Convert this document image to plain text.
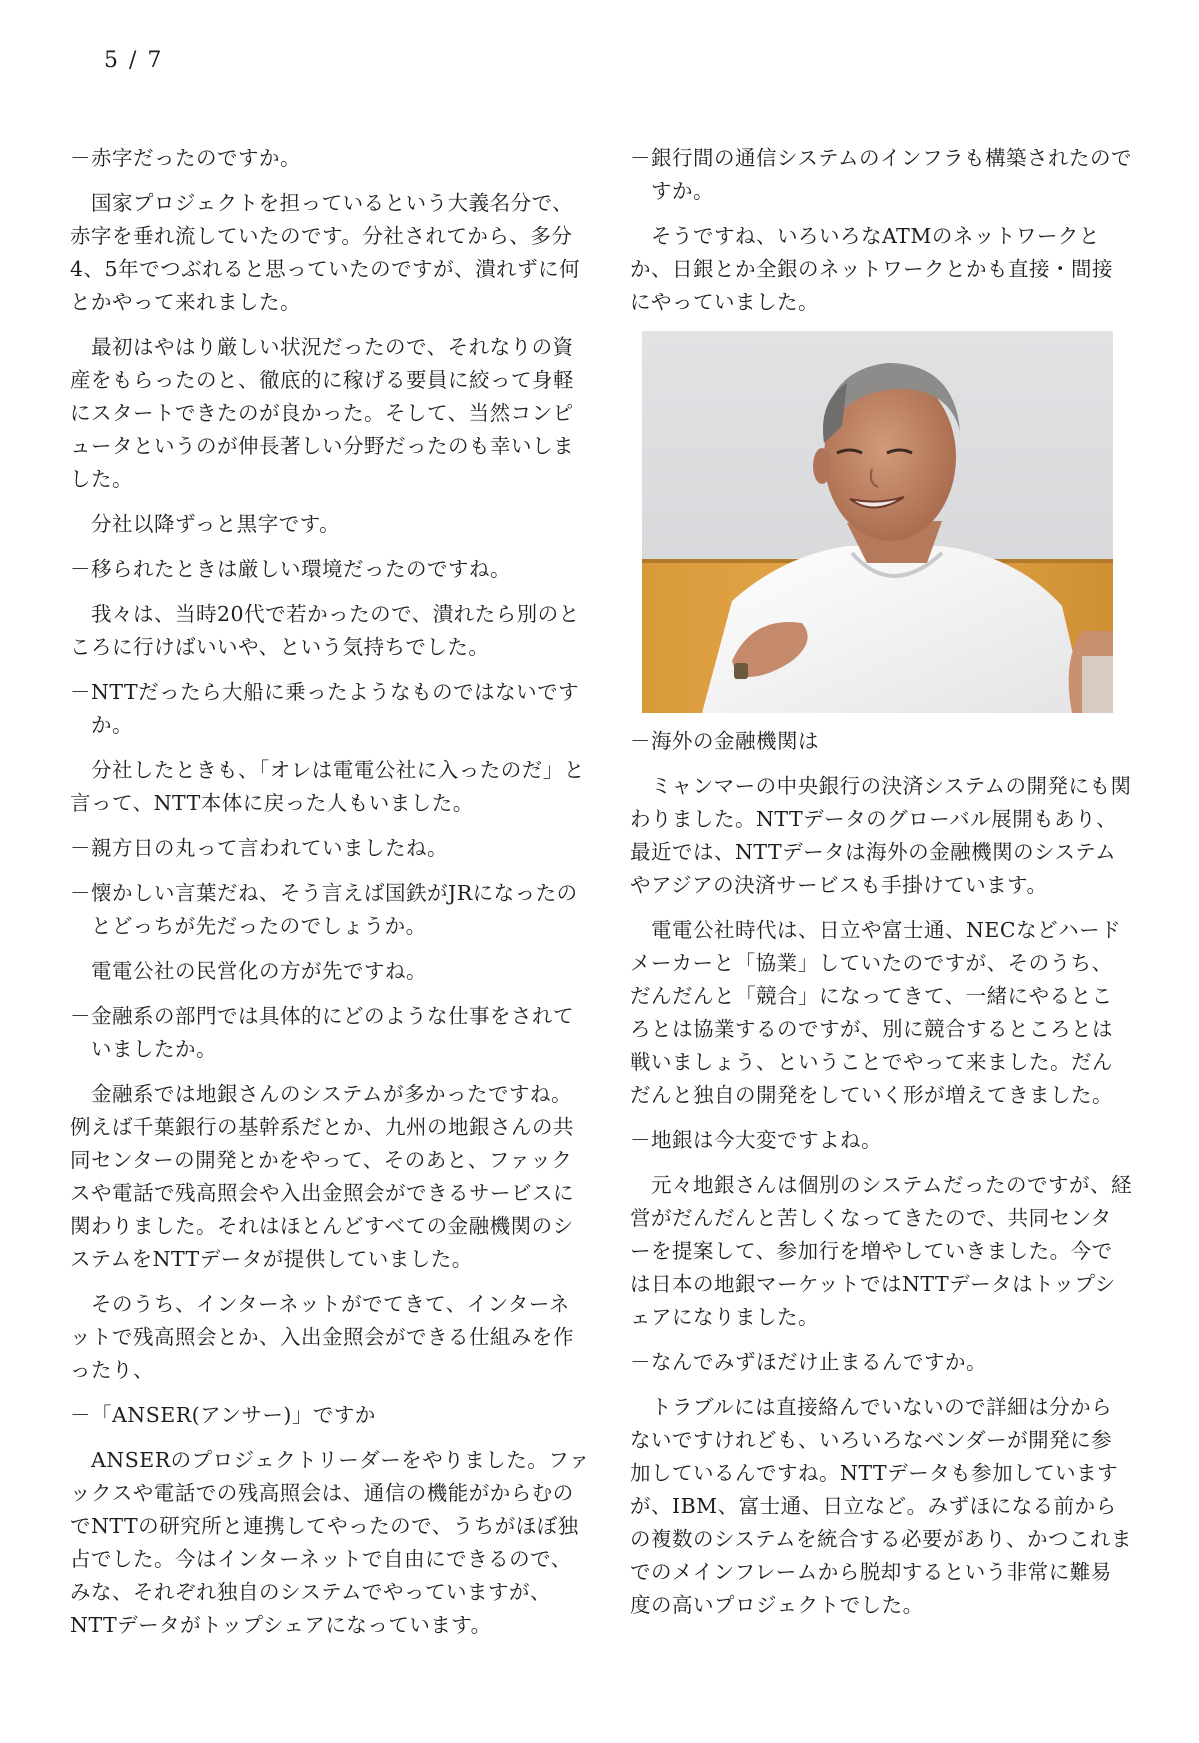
5 / 7

－赤字だったのですか。

国家プロジェクトを担っているという大義名分で、赤字を垂れ流していたのです。分社されてから、多分4、5年でつぶれると思っていたのですが、潰れずに何とかやって来れました。

最初はやはり厳しい状況だったので、それなりの資産をもらったのと、徹底的に稼げる要員に絞って身軽にスタートできたのが良かった。そして、当然コンピュータというのが伸長著しい分野だったのも幸いしました。

分社以降ずっと黒字です。

－移られたときは厳しい環境だったのですね。

我々は、当時20代で若かったので、潰れたら別のところに行けばいいや、という気持ちでした。

－NTTだったら大船に乗ったようなものではないですか。

分社したときも、「オレは電電公社に入ったのだ」と言って、NTT本体に戻った人もいました。

－親方日の丸って言われていましたね。

－懐かしい言葉だね、そう言えば国鉄がJRになったのとどっちが先だったのでしょうか。

電電公社の民営化の方が先ですね。

－金融系の部門では具体的にどのような仕事をされていましたか。

金融系では地銀さんのシステムが多かったですね。例えば千葉銀行の基幹系だとか、九州の地銀さんの共同センターの開発とかをやって、そのあと、ファックスや電話で残高照会や入出金照会ができるサービスに関わりました。それはほとんどすべての金融機関のシステムをNTTデータが提供していました。

そのうち、インターネットがでてきて、インターネットで残高照会とか、入出金照会ができる仕組みを作ったり、

－「ANSER(アンサー)」ですか

ANSERのプロジェクトリーダーをやりました。ファックスや電話での残高照会は、通信の機能がからむのでNTTの研究所と連携してやったので、うちがほぼ独占でした。今はインターネットで自由にできるので、みな、それぞれ独自のシステムでやっていますが、NTTデータがトップシェアになっています。

－銀行間の通信システムのインフラも構築されたのですか。

そうですね、いろいろなATMのネットワークとか、日銀とか全銀のネットワークとかも直接・間接にやっていました。

－海外の金融機関は

ミャンマーの中央銀行の決済システムの開発にも関わりました。NTTデータのグローバル展開もあり、最近では、NTTデータは海外の金融機関のシステムやアジアの決済サービスも手掛けています。

電電公社時代は、日立や富士通、NECなどハードメーカーと「協業」していたのですが、そのうち、だんだんと「競合」になってきて、一緒にやるところとは協業するのですが、別に競合するところとは戦いましょう、ということでやって来ました。だんだんと独自の開発をしていく形が増えてきました。

－地銀は今大変ですよね。

元々地銀さんは個別のシステムだったのですが、経営がだんだんと苦しくなってきたので、共同センターを提案して、参加行を増やしていきました。今では日本の地銀マーケットではNTTデータはトップシェアになりました。

－なんでみずほだけ止まるんですか。

トラブルには直接絡んでいないので詳細は分からないですけれども、いろいろなベンダーが開発に参加しているんですね。NTTデータも参加していますが、IBM、富士通、日立など。みずほになる前からの複数のシステムを統合する必要があり、かつこれまでのメインフレームから脱却するという非常に難易度の高いプロジェクトでした。
